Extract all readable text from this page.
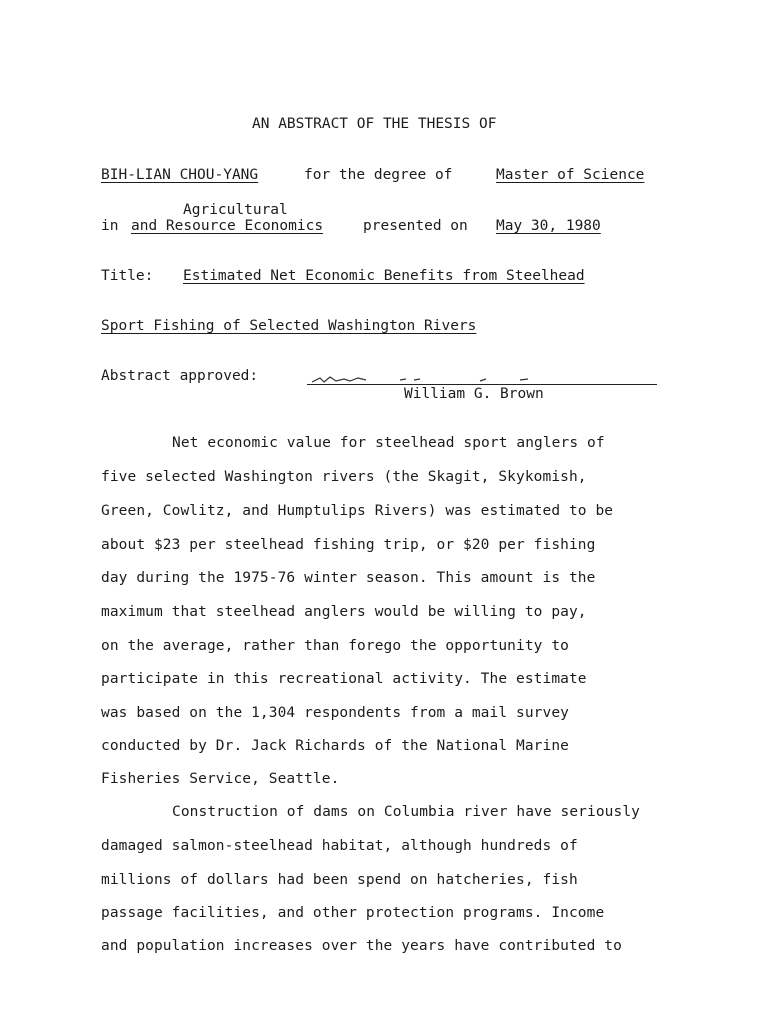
AN ABSTRACT OF THE THESIS OF
BIH-LIAN CHOU-YANG	for the degree of	Master of Science
Agricultural
in and Resource Economics	presented on May 30, 1980
Title: Estimated Net Economic Benefits from Steelhead
Sport Fishing of Selected Washington Rivers
Abstract approved:
William G. Brown
Net economic value for steelhead sport anglers of
five selected Washington rivers (the Skagit, Skykomish,
Green, Cowlitz, and Humptulips Rivers) was estimated to be
about $23 per steelhead fishing trip, or $20 per fishing
day during the 1975-76 winter season. This amount is the
maximum that steelhead anglers would be willing to pay,
on the average, rather than forego the opportunity to
participate in this recreational activity. The estimate
was based on the 1,304 respondents from a mail survey
conducted by Dr. Jack Richards of the National Marine
Fisheries Service, Seattle.
Construction of dams on Columbia river have seriously
damaged salmon-steelhead habitat, although hundreds of
millions of dollars had been spend on hatcheries, fish
passage facilities, and other protection programs. Income
and population increases over the years have contributed to
